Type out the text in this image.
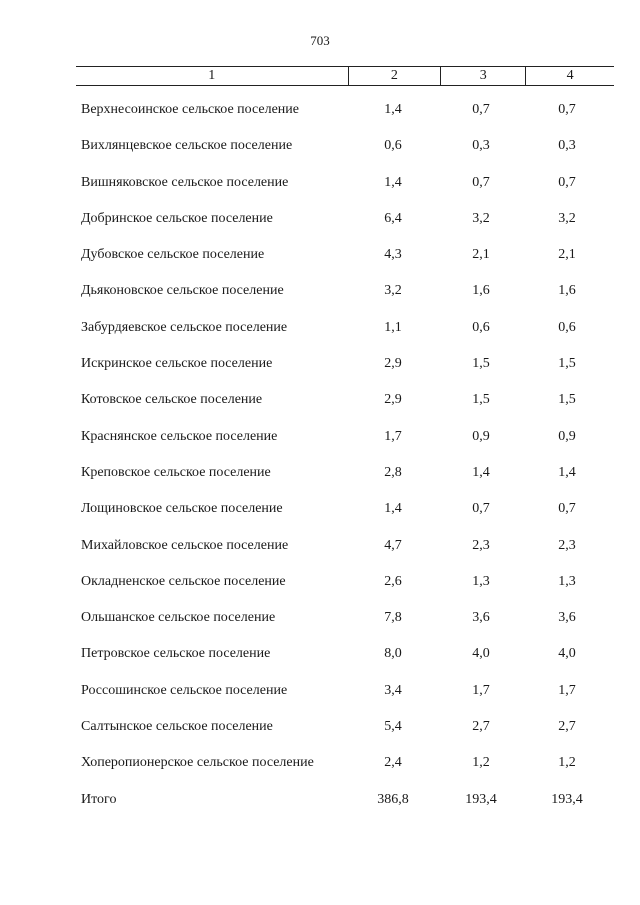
703
1	2	3	4
Верхнесоинское сельское поселение	1,4	0,7	0,7
Вихлянцевское сельское поселение	0,6	0,3	0,3
Вишняковское сельское поселение	1,4	0,7	0,7
Добринское сельское поселение	6,4	3,2	3,2
Дубовское сельское поселение	4,3	2,1	2,1
Дьяконовское сельское поселение	3,2	1,6	1,6
Забурдяевское сельское поселение	1,1	0,6	0,6
Искринское сельское поселение	2,9	1,5	1,5
Котовское сельское поселение	2,9	1,5	1,5
Краснянское сельское поселение	1,7	0,9	0,9
Креповское сельское поселение	2,8	1,4	1,4
Лощиновское сельское поселение	1,4	0,7	0,7
Михайловское сельское поселение	4,7	2,3	2,3
Окладненское сельское поселение	2,6	1,3	1,3
Ольшанское сельское поселение	7,8	3,6	3,6
Петровское сельское поселение	8,0	4,0	4,0
Россошинское сельское поселение	3,4	1,7	1,7
Салтынское сельское поселение	5,4	2,7	2,7
Хоперопионерское сельское поселение	2,4	1,2	1,2
Итого	386,8	193,4	193,4
